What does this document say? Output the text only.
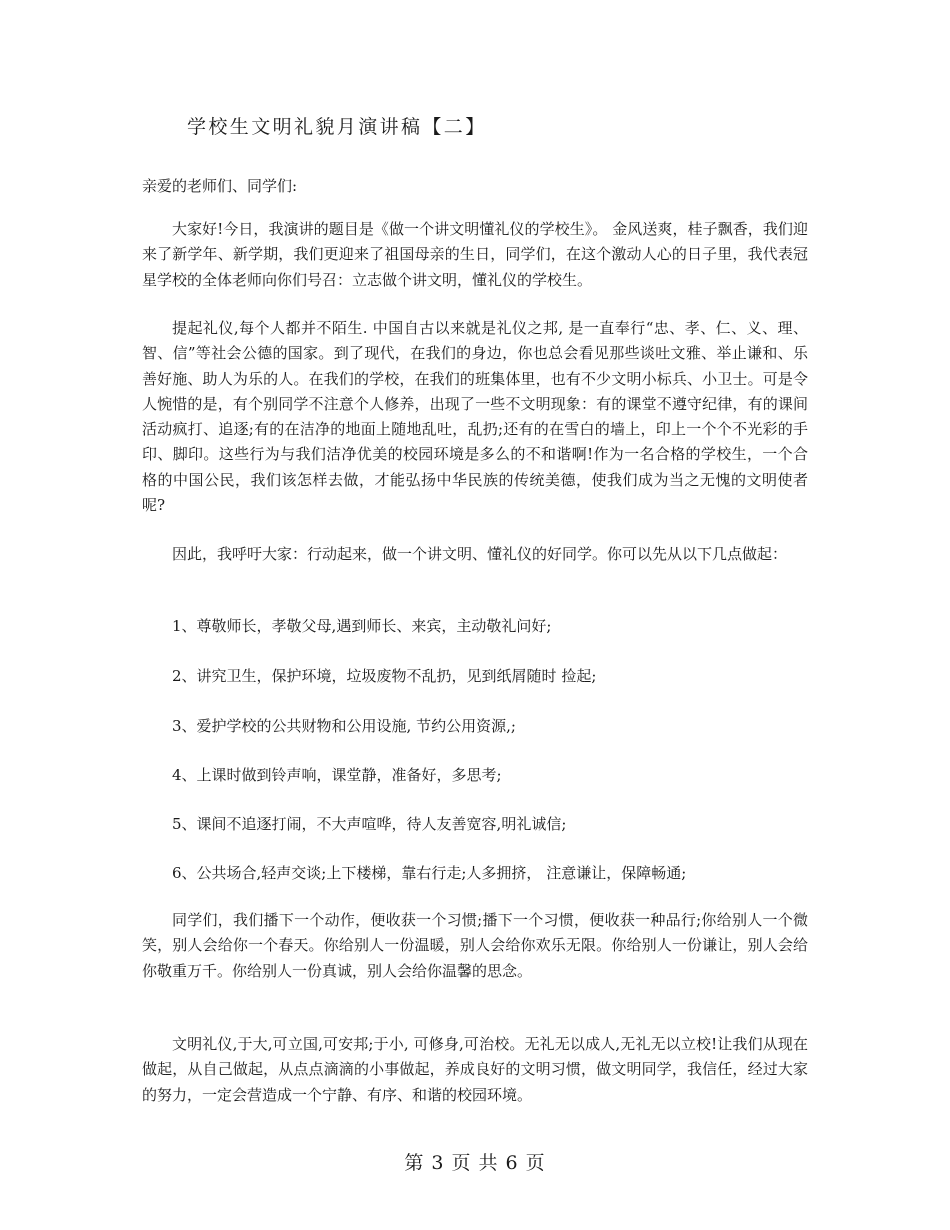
学校生文明礼貌月演讲稿【二】
亲爱的老师们、同学们:

大家好!今日，我演讲的题目是《做一个讲文明懂礼仪的学校生》。 金风送爽，桂子飘香，我们迎来了新学年、新学期，我们更迎来了祖国母亲的生日，同学们，在这个激动人心的日子里，我代表冠星学校的全体老师向你们号召：立志做个讲文明，懂礼仪的学校生。

提起礼仪,每个人都并不陌生. 中国自古以来就是礼仪之邦, 是一直奉行“忠、孝、仁、义、理、智、信”等社会公德的国家。到了现代，在我们的身边，你也总会看见那些谈吐文雅、举止谦和、乐善好施、助人为乐的人。在我们的学校，在我们的班集体里，也有不少文明小标兵、小卫士。可是令人惋惜的是，有个别同学不注意个人修养，出现了一些不文明现象：有的课堂不遵守纪律，有的课间活动疯打、追逐;有的在洁净的地面上随地乱吐，乱扔;还有的在雪白的墙上，印上一个个不光彩的手印、脚印。这些行为与我们洁净优美的校园环境是多么的不和谐啊!作为一名合格的学校生，一个合格的中国公民，我们该怎样去做，才能弘扬中华民族的传统美德，使我们成为当之无愧的文明使者呢?

因此，我呼吁大家：行动起来，做一个讲文明、懂礼仪的好同学。你可以先从以下几点做起：

1、尊敬师长，孝敬父母,遇到师长、来宾，主动敬礼问好;
2、讲究卫生，保护环境，垃圾废物不乱扔，见到纸屑随时 捡起;
3、爱护学校的公共财物和公用设施, 节约公用资源,;
4、上课时做到铃声响，课堂静，准备好，多思考;
5、课间不追逐打闹，不大声喧哗，待人友善宽容,明礼诚信;
6、公共场合,轻声交谈;上下楼梯，靠右行走;人多拥挤， 注意谦让，保障畅通;

同学们，我们播下一个动作，便收获一个习惯;播下一个习惯，便收获一种品行;你给别人一个微笑，别人会给你一个春天。你给别人一份温暖，别人会给你欢乐无限。你给别人一份谦让，别人会给你敬重万千。你给别人一份真诚，别人会给你温馨的思念。

文明礼仪,于大,可立国,可安邦;于小, 可修身,可治校。无礼无以成人,无礼无以立校!让我们从现在做起，从自己做起，从点点滴滴的小事做起，养成良好的文明习惯，做文明同学，我信任，经过大家的努力，一定会营造成一个宁静、有序、和谐的校园环境。

第 3 页 共 6 页
